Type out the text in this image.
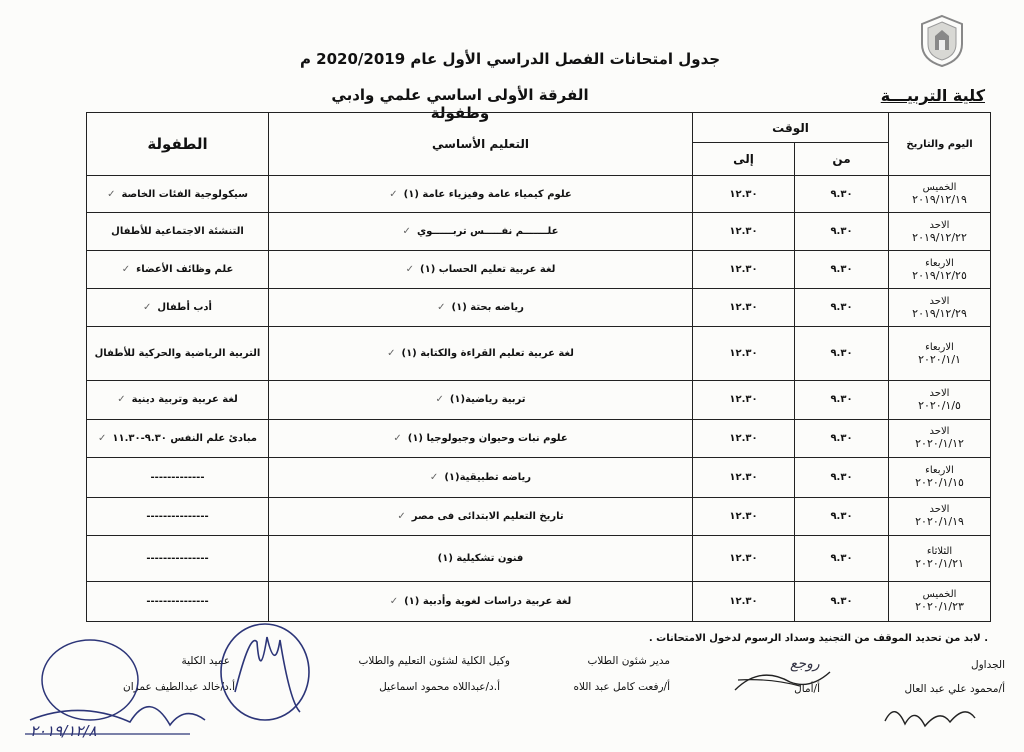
جدول امتحانات الفصل الدراسي الأول عام 2020/2019 م
الفرقة الأولى اساسي علمي وادبي وطفولة
كلية التربيـــة
اليوم والتاريخ	الوقت		التعليم الأساسي	الطفولة
	من	إلى		

الخميس
٢٠١٩/١٢/١٩	٩.٣٠	١٢.٣٠	علوم كيمياء عامة وفيزياء عامة (١)✓	سيكولوجية الفئات الخاصة✓

الاحد
٢٠١٩/١٢/٢٢	٩.٣٠	١٢.٣٠	علـــــــم نفـــــس تربــــــوي✓	التنشئة الاجتماعية للأطفال

الاربعاء
٢٠١٩/١٢/٢٥	٩.٣٠	١٢.٣٠	لغة عربية تعليم الحساب (١)✓	علم وظائف الأعضاء✓

الاحد
٢٠١٩/١٢/٢٩	٩.٣٠	١٢.٣٠	رياضه بحتة (١)✓	أدب أطفال✓

الاربعاء
٢٠٢٠/١/١	٩.٣٠	١٢.٣٠	لغة عربية تعليم القراءة والكتابة (١)✓	التربية الرياضية والحركية للأطفال

الاحد
٢٠٢٠/١/٥	٩.٣٠	١٢.٣٠	تربية رياضية(١)✓	لغة عربية وتربية دينية✓

الاحد
٢٠٢٠/١/١٢	٩.٣٠	١٢.٣٠	علوم نبات وحيوان وجيولوجيا (١)✓	مبادئ علم النفس ٩.٣٠-١١.٣٠✓

الاربعاء
٢٠٢٠/١/١٥	٩.٣٠	١٢.٣٠	رياضه تطبيقية(١)✓	-------------

الاحد
٢٠٢٠/١/١٩	٩.٣٠	١٢.٣٠	تاريخ التعليم الابتدائى فى مصر✓	---------------

الثلاثاء
٢٠٢٠/١/٢١	٩.٣٠	١٢.٣٠	فنون تشكيلية (١)	---------------

الخميس
٢٠٢٠/١/٢٣	٩.٣٠	١٢.٣٠	لغة عربية دراسات لغوية وأدبية (١)✓	---------------
. لابد من تحديد الموقف من التجنيد وسداد الرسوم لدخول الامتحانات .
الجداول
أ/محمود علي عبد العال
أ/أمال
مدير شئون الطلاب
أ/رفعت كامل عبد اللاه
وكيل الكلية لشئون التعليم والطلاب
أ.د/عبداللاه محمود اسماعيل
عميد الكلية
أ.د/خالد عبدالطيف عمران
روجع
٢٠١٩/١٢/٨
